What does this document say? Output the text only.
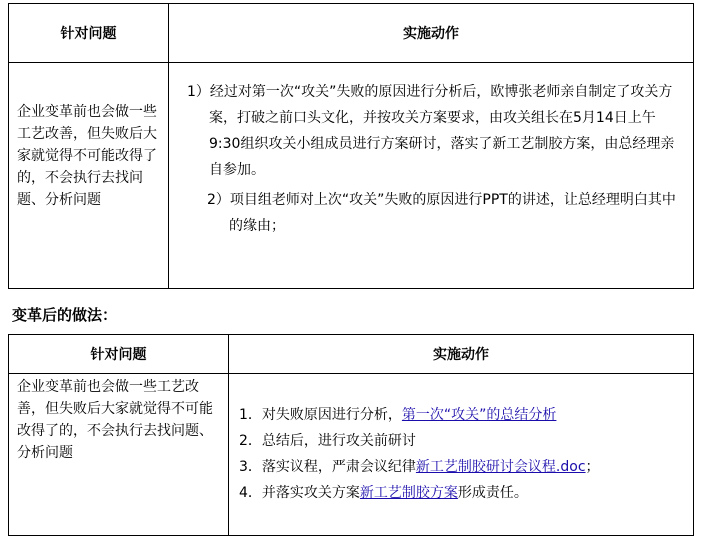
针对问题	实施动作
企业变革前也会做一些工艺改善，但失败后大家就觉得不可能改得了的，不会执行去找问题、分析问题	1）经过对第一次“攻关”失败的原因进行分析后，欧博张老师亲自制定了攻关方案，打破之前口头文化，并按攻关方案要求，由攻关组长在5月14日上午9:30组织攻关小组成员进行方案研讨，落实了新工艺制胶方案，由总经理亲自参加。
2）项目组老师对上次“攻关”失败的原因进行PPT的讲述，让总经理明白其中的缘由；
变革后的做法：
针对问题	实施动作
企业变革前也会做一些工艺改善，但失败后大家就觉得不可能改得了的，不会执行去找问题、分析问题	1．对失败原因进行分析，第一次“攻关”的总结分析
2．总结后，进行攻关前研讨
3．落实议程，严肃会议纪律新工艺制胶研讨会议程.doc；
4．并落实攻关方案新工艺制胶方案形成责任。
